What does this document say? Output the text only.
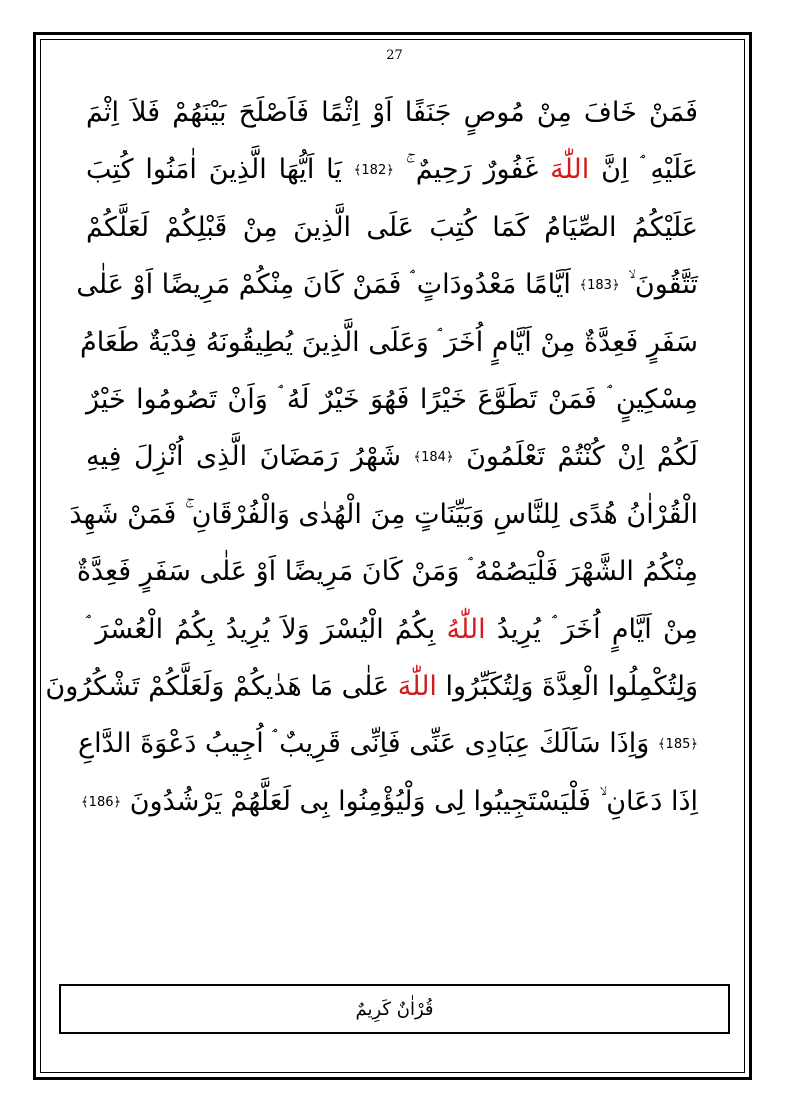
27
فَمَنْ خَافَ مِنْ مُوصٍ جَنَفًا اَوْ اِثْمًا فَاَصْلَحَ بَيْنَهُمْ فَلاَ اِثْمَ
عَلَيْهِ ۘ اِنَّ اللّٰهَ غَفُورٌ رَحِيمٌ ۚ ﴿182﴾ يَا اَيُّهَا الَّذِينَ اٰمَنُوا كُتِبَ
عَلَيْكُمُ الصِّيَامُ كَمَا كُتِبَ عَلَى الَّذِينَ مِنْ قَبْلِكُمْ لَعَلَّكُمْ
تَتَّقُونَ ۙ ﴿183﴾ اَيَّامًا مَعْدُودَاتٍ ۘ فَمَنْ كَانَ مِنْكُمْ مَرِيضًا اَوْ عَلٰى
سَفَرٍ فَعِدَّةٌ مِنْ اَيَّامٍ اُخَرَ ۘ وَعَلَى الَّذِينَ يُطِيقُونَهُ فِدْيَةٌ طَعَامُ
مِسْكِينٍ ۘ فَمَنْ تَطَوَّعَ خَيْرًا فَهُوَ خَيْرٌ لَهُ ۘ وَاَنْ تَصُومُوا خَيْرٌ
لَكُمْ اِنْ كُنْتُمْ تَعْلَمُونَ ﴿184﴾ شَهْرُ رَمَضَانَ الَّذِى اُنْزِلَ فِيهِ
الْقُرْاٰنُ هُدًى لِلنَّاسِ وَبَيِّنَاتٍ مِنَ الْهُدٰى وَالْفُرْقَانِ ۚ فَمَنْ شَهِدَ
مِنْكُمُ الشَّهْرَ فَلْيَصُمْهُ ۘ وَمَنْ كَانَ مَرِيضًا اَوْ عَلٰى سَفَرٍ فَعِدَّةٌ
مِنْ اَيَّامٍ اُخَرَ ۘ يُرِيدُ اللّٰهُ بِكُمُ الْيُسْرَ وَلاَ يُرِيدُ بِكُمُ الْعُسْرَ ۘ
وَلِتُكْمِلُوا الْعِدَّةَ وَلِتُكَبِّرُوا اللّٰهَ عَلٰى مَا هَدٰيكُمْ وَلَعَلَّكُمْ تَشْكُرُونَ
﴿185﴾ وَاِذَا سَاَلَكَ عِبَادِى عَنِّى فَاِنِّى قَرِيبٌ ۘ اُجِيبُ دَعْوَةَ الدَّاعِ
اِذَا دَعَانِ ۙ فَلْيَسْتَجِيبُوا لِى وَلْيُؤْمِنُوا بِى لَعَلَّهُمْ يَرْشُدُونَ ﴿186﴾
قُرْاٰنٌ كَرِيمٌ
